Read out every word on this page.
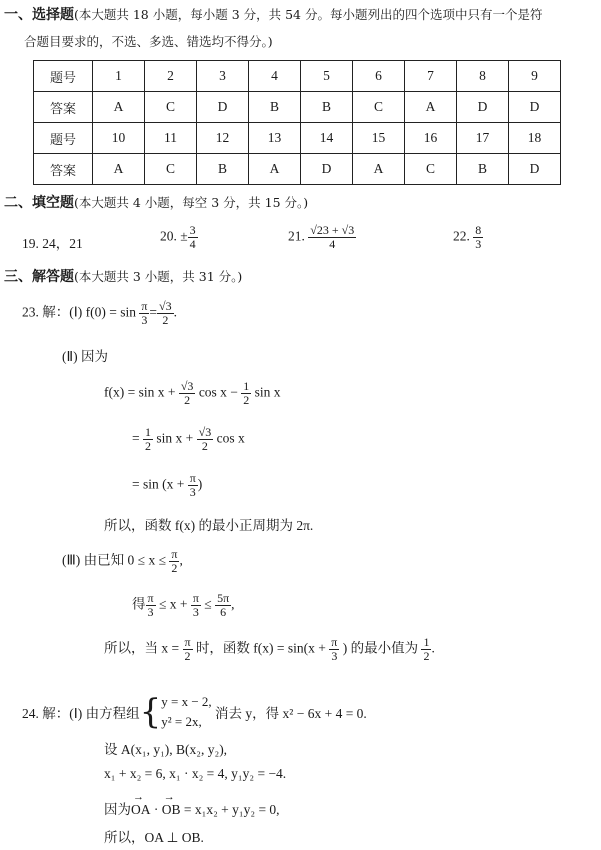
一、选择题(本大题共 18 小题，每小题 3 分，共 54 分。每小题列出的四个选项中只有一个是符
合题目要求的，不选、多选、错选均不得分。)
题号	1	2	3	4	5	6	7	8	9
答案	A	C	D	B	B	C	A	D	D
题号	10	11	12	13	14	15	16	17	18
答案	A	C	B	A	D	A	C	B	D
二、填空题(本大题共 4 小题，每空 3 分，共 15 分。)
19. 24，21	20. ± $\frac{3}{4}$	21. $\frac{√23 + √3}{4}$	22. $\frac{8}{3}$
三、解答题(本大题共 3 小题，共 31 分。)
23. 解：(Ⅰ) $f(0) = \sin \frac{\pi}{3} = \frac{√3}{2}$ .
(Ⅱ) 因为
$f(x) = \sin x + \frac{√3}{2}$ $\cos x - \frac{1}{2}$ sin x
= $\frac{1}{2}$ $\sin x + \frac{√3}{2}$ cos x
= $\sin (x + \frac{\pi}{3}$ )
所以，函数 f(x) 的最小正周期为 2π.
(Ⅲ) 由已知 $0 \le x \le \frac{\pi}{2}$ ,
得 $\frac{\pi}{3} \le x + \frac{\pi}{3} \le \frac{5\pi}{6}$ ,
所以，当 $x = \frac{\pi}{2}$ 时，函数 $f(x) = \sin(x + \frac{\pi}{3}$ ) 的最小值为 $\frac{1}{2}$ .
24. 解：(Ⅰ) 由方程组{ y = x − 2,
y² = 2x,
消去 y，得 x² − 6x + 4 = 0.
设 A(x₁, y₁), B(x₂, y₂),
x₁ + x₂ = 6, x₁ · x₂ = 4, y₁y₂ = −4.
因为→ OA · → OB = x₁x₂ + y₁y₂ = 0,
所以，OA ⊥ OB.
